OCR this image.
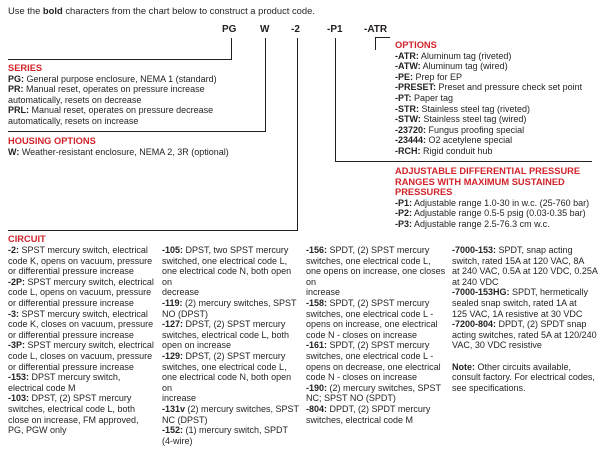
Use the bold characters from the chart below to construct a product code.
PG W -2	-P1 -ATR
SERIES
PG: General purpose enclosure, NEMA 1 (standard)
PR: Manual reset, operates on pressure increase
automatically, resets on decrease
PRL: Manual reset, operates on pressure decrease
automatically, resets on increase
HOUSING OPTIONS
W: Weather-resistant enclosure, NEMA 2, 3R (optional)
OPTIONS
-ATR: Aluminum tag (riveted)
-ATW: Aluminum tag (wired)
-PE: Prep for EP
-PRESET: Preset and pressure check set point
-PT: Paper tag
-STR: Stainless steel tag (riveted)
-STW: Stainless steel tag (wired)
-23720: Fungus proofing special
-23444: O2 acetylene special
-RCH: Rigid conduit hub
ADJUSTABLE DIFFERENTIAL PRESSURE
RANGES WITH MAXIMUM SUSTAINED
PRESSURES
-P1: Adjustable range 1.0-30 in w.c. (25-760 bar)
-P2: Adjustable range 0.5-5 psig (0.03-0.35 bar)
-P3: Adjustable range 2.5-76.3 cm w.c.
CIRCUIT
-2: SPST mercury switch, electrical
code K, opens on vacuum, pressure
or differential pressure increase
-2P: SPST mercury switch, electrical
code L, opens on vacuum, pressure
or differential pressure increase
-3: SPST mercury switch, electrical
code K, closes on vacuum, pressure
or differential pressure increase
-3P: SPST mercury switch, electrical
code L, closes on vacuum, pressure
or differential pressure increase
-153: DPST mercury switch,
electrical code M
-103: DPST, (2) SPST mercury
switches, electrical code L, both
close on increase, FM approved,
PG, PGW only
-105: DPST, two SPST mercury
switched, one electrical code L,
one electrical code N, both open on
decrease
-119: (2) mercury switches, SPST
NO (DPST)
-127: DPST, (2) SPST mercury
switches, electrical code L, both
open on increase
-129: DPST, (2) SPST mercury
switches, one electrical code L,
one electrical code N, both open on
increase
-131v (2) mercury switches, SPST
NC (DPST)
-152: (1) mercury switch, SPDT
(4-wire)
-156: SPDT, (2) SPST mercury
switches, one electrical code L,
one opens on increase, one closes on
increase
-158: SPDT, (2) SPST mercury
switches, one electrical code L -
opens on increase, one electrical
code N - closes on increase
-161: SPDT, (2) SPST mercury
switches, one electrical code L -
opens on decrease, one electrical
code N - closes on increase
-190: (2) mercury switches, SPST
NC; SPST NO (SPDT)
-804: DPDT, (2) SPDT mercury
switches, electrical code M
-7000-153: SPDT, snap acting
switch, rated 15A at 120 VAC, 8A
at 240 VAC, 0.5A at 120 VDC, 0.25A
at 240 VDC
-7000-153HG: SPDT, hermetically
sealed snap switch, rated 1A at
125 VAC, 1A resistive at 30 VDC
-7200-804: DPDT, (2) SPDT snap
acting switches, rated 5A at 120/240
VAC, 30 VDC resistive
Note: Other circuits available,
consult factory. For electrical codes,
see specifications.
